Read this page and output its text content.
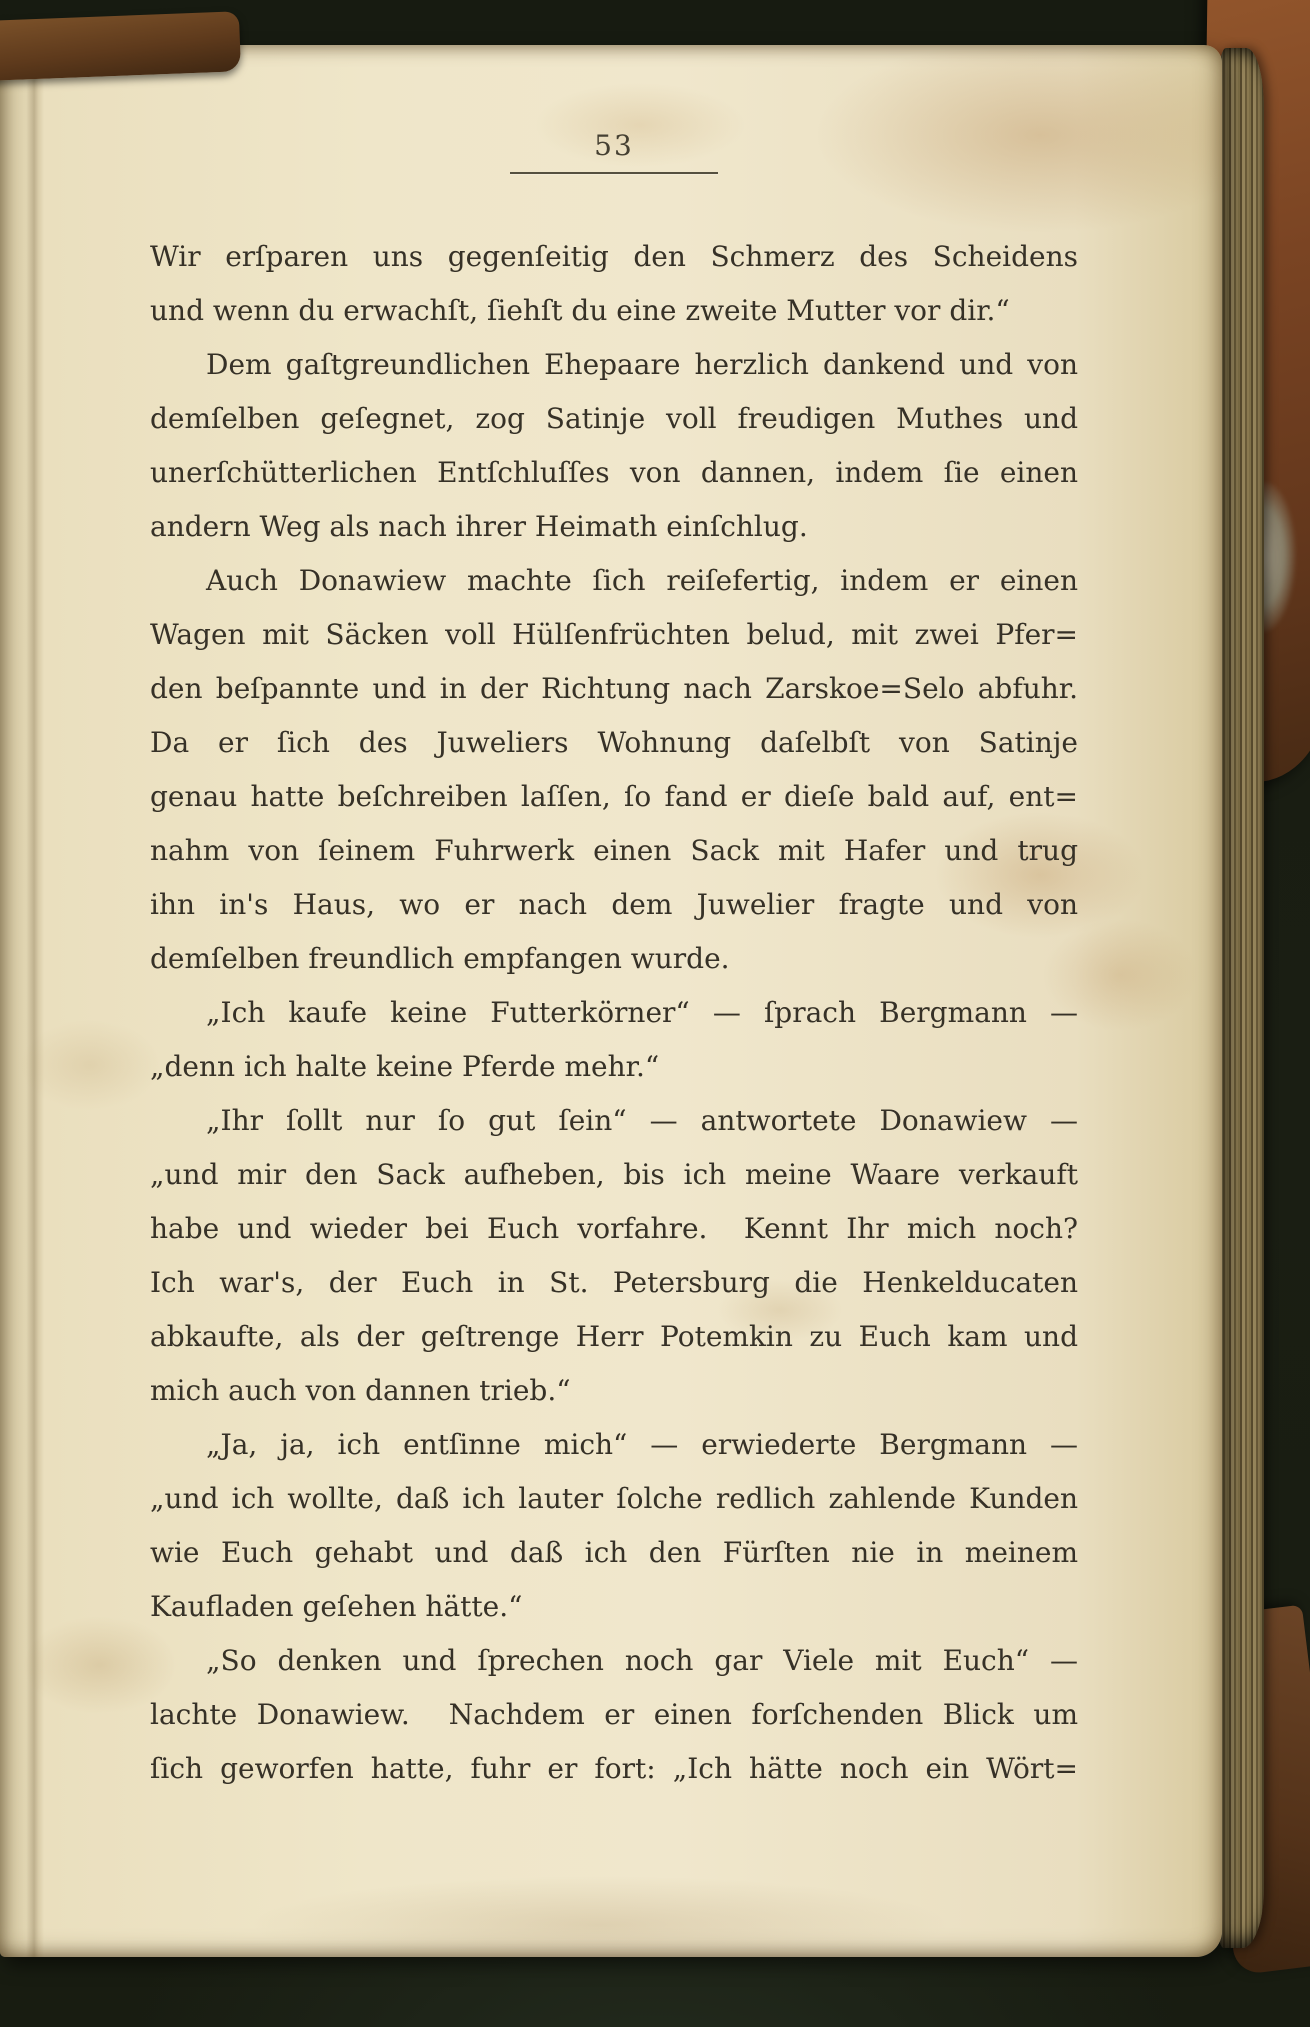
53
Wir erſparen uns gegenſeitig den Schmerz des Scheidens
und wenn du erwachſt, ſiehſt du eine zweite Mutter vor dir.“
Dem gaſtgreundlichen Ehepaare herzlich dankend und von
demſelben geſegnet, zog Satinje voll freudigen Muthes und
unerſchütterlichen Entſchluſſes von dannen, indem ſie einen
andern Weg als nach ihrer Heimath einſchlug.
Auch Donawiew machte ſich reiſefertig, indem er einen
Wagen mit Säcken voll Hülſenfrüchten belud, mit zwei Pfer=
den beſpannte und in der Richtung nach Zarskoe=Selo abfuhr.
Da er ſich des Juweliers Wohnung daſelbſt von Satinje
genau hatte beſchreiben laſſen, ſo fand er dieſe bald auf, ent=
nahm von ſeinem Fuhrwerk einen Sack mit Hafer und trug
ihn in's Haus, wo er nach dem Juwelier fragte und von
demſelben freundlich empfangen wurde.
„Ich kaufe keine Futterkörner“ — ſprach Bergmann —
„denn ich halte keine Pferde mehr.“
„Ihr ſollt nur ſo gut ſein“ — antwortete Donawiew —
„und mir den Sack aufheben, bis ich meine Waare verkauft
habe und wieder bei Euch vorfahre.  Kennt Ihr mich noch?
Ich war's, der Euch in St. Petersburg die Henkelducaten
abkaufte, als der geſtrenge Herr Potemkin zu Euch kam und
mich auch von dannen trieb.“
„Ja, ja, ich entſinne mich“ — erwiederte Bergmann —
„und ich wollte, daß ich lauter ſolche redlich zahlende Kunden
wie Euch gehabt und daß ich den Fürſten nie in meinem
Kaufladen geſehen hätte.“
„So denken und ſprechen noch gar Viele mit Euch“ —
lachte Donawiew.  Nachdem er einen forſchenden Blick um
ſich geworfen hatte, fuhr er fort: „Ich hätte noch ein Wört=
